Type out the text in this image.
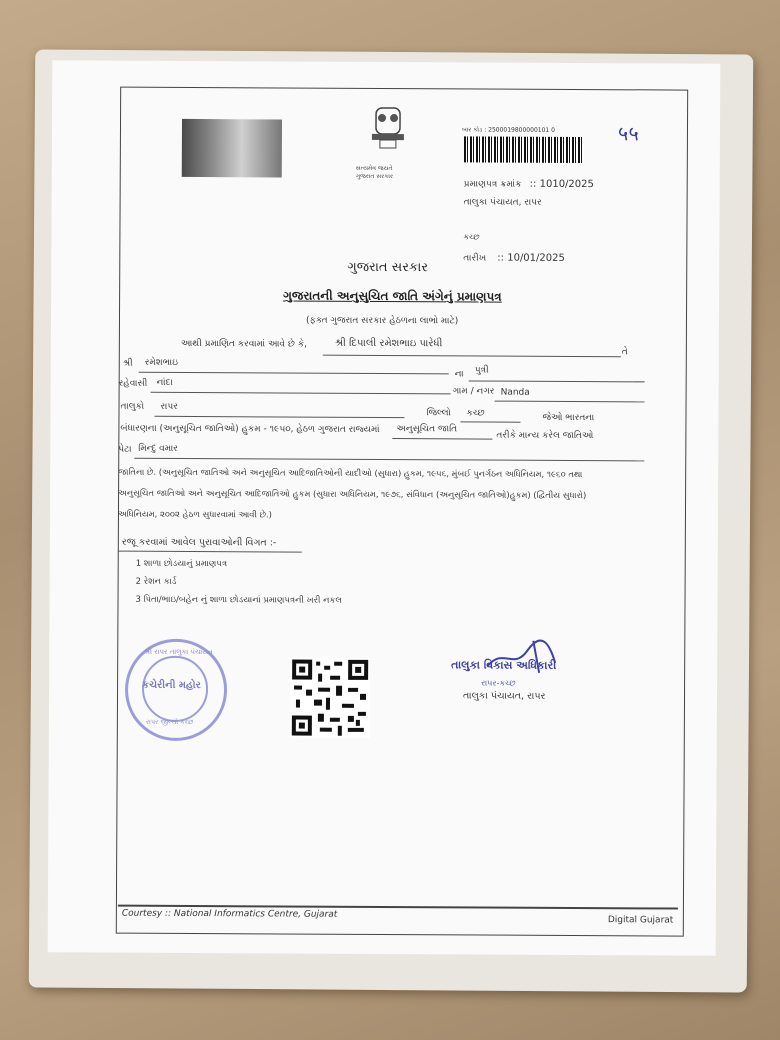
સત્યમેવ જયતે
ગુજરાત સરકાર
બાર કોડ : 2500019800000101 0	५५
પ્રમાણપત્ર ક્રમાંક :: 1010/2025
તાલુકા પંચાયત, રાપર
કચ્છ
તારીખ :: 10/01/2025
ગુજરાત સરકાર
ગુજરાતની અનુસુચિત જાતિ અંગેનું પ્રમાણપત્ર
(ફક્ત ગુજરાત સરકાર હેઠળના લાભો માટે)
આથી પ્રમાણિત કરવામાં આવે છે કે,	શ્રી દિપાલી રમેશભાઇ પારેધી
તે
શ્રી રમેશભાઇ
ના પુત્રી
રહેવાસી નાંદા
ગામ / નગર Nanda
તાલુકો રાપર
જિલ્લો કચ્છ	જેઓ ભારતના
બંધારણના (અનુસૂચિત જાતિઓ) હુકમ - ૧૯૫૦, હેઠળ ગુજરાત રાજ્યમાં અનુસૂચિત જાતિ
તરીકે માન્ય કરેલ જાતિઓ
પેટા મિન્દુ વમાર
જાતિના છે. (અનુસૂચિત જાતિઓ અને અનુસૂચિત આદિજાતિઓની યાદીઓ (સુધારા) હુકમ, ૧૯૫૬, મુંબઈ પુનર્ગઠન અધિનિયમ, ૧૯૬૦ તથા
અનુસૂચિત જાતિઓ અને અનુસૂચિત આદિજાતિઓ હુકમ (સુધારા અધિનિયમ, ૧૯૭૬, સંવિધાન (અનુસૂચિત જાતિઓ)હુકમ) (દ્વિતીય સુધારો)
અધિનિયમ, ૨૦૦૨ હેઠળ સુધારવામાં આવી છે.)
રજૂ કરવામાં આવેલ પુરાવાઓની વિગત :-
1 શાળા છોડયાનું પ્રમાણપત્ર
2 રેશન કાર્ડ
3 પિતા/ભાઇ/બહેન નું શાળા છોડયાનાં પ્રમાણપત્રની ખરી નકલ
શ્રી રાપર તાલુકા પંચાયત
કચેરીની મહોર
રાપર જીલ્લો કચ્છ
તાલુકા વિકાસ અધિકારી
રાપર-કચ્છ
તાલુકા પંચાયત, રાપર
Courtesy :: National Informatics Centre, Gujarat
Digital Gujarat
